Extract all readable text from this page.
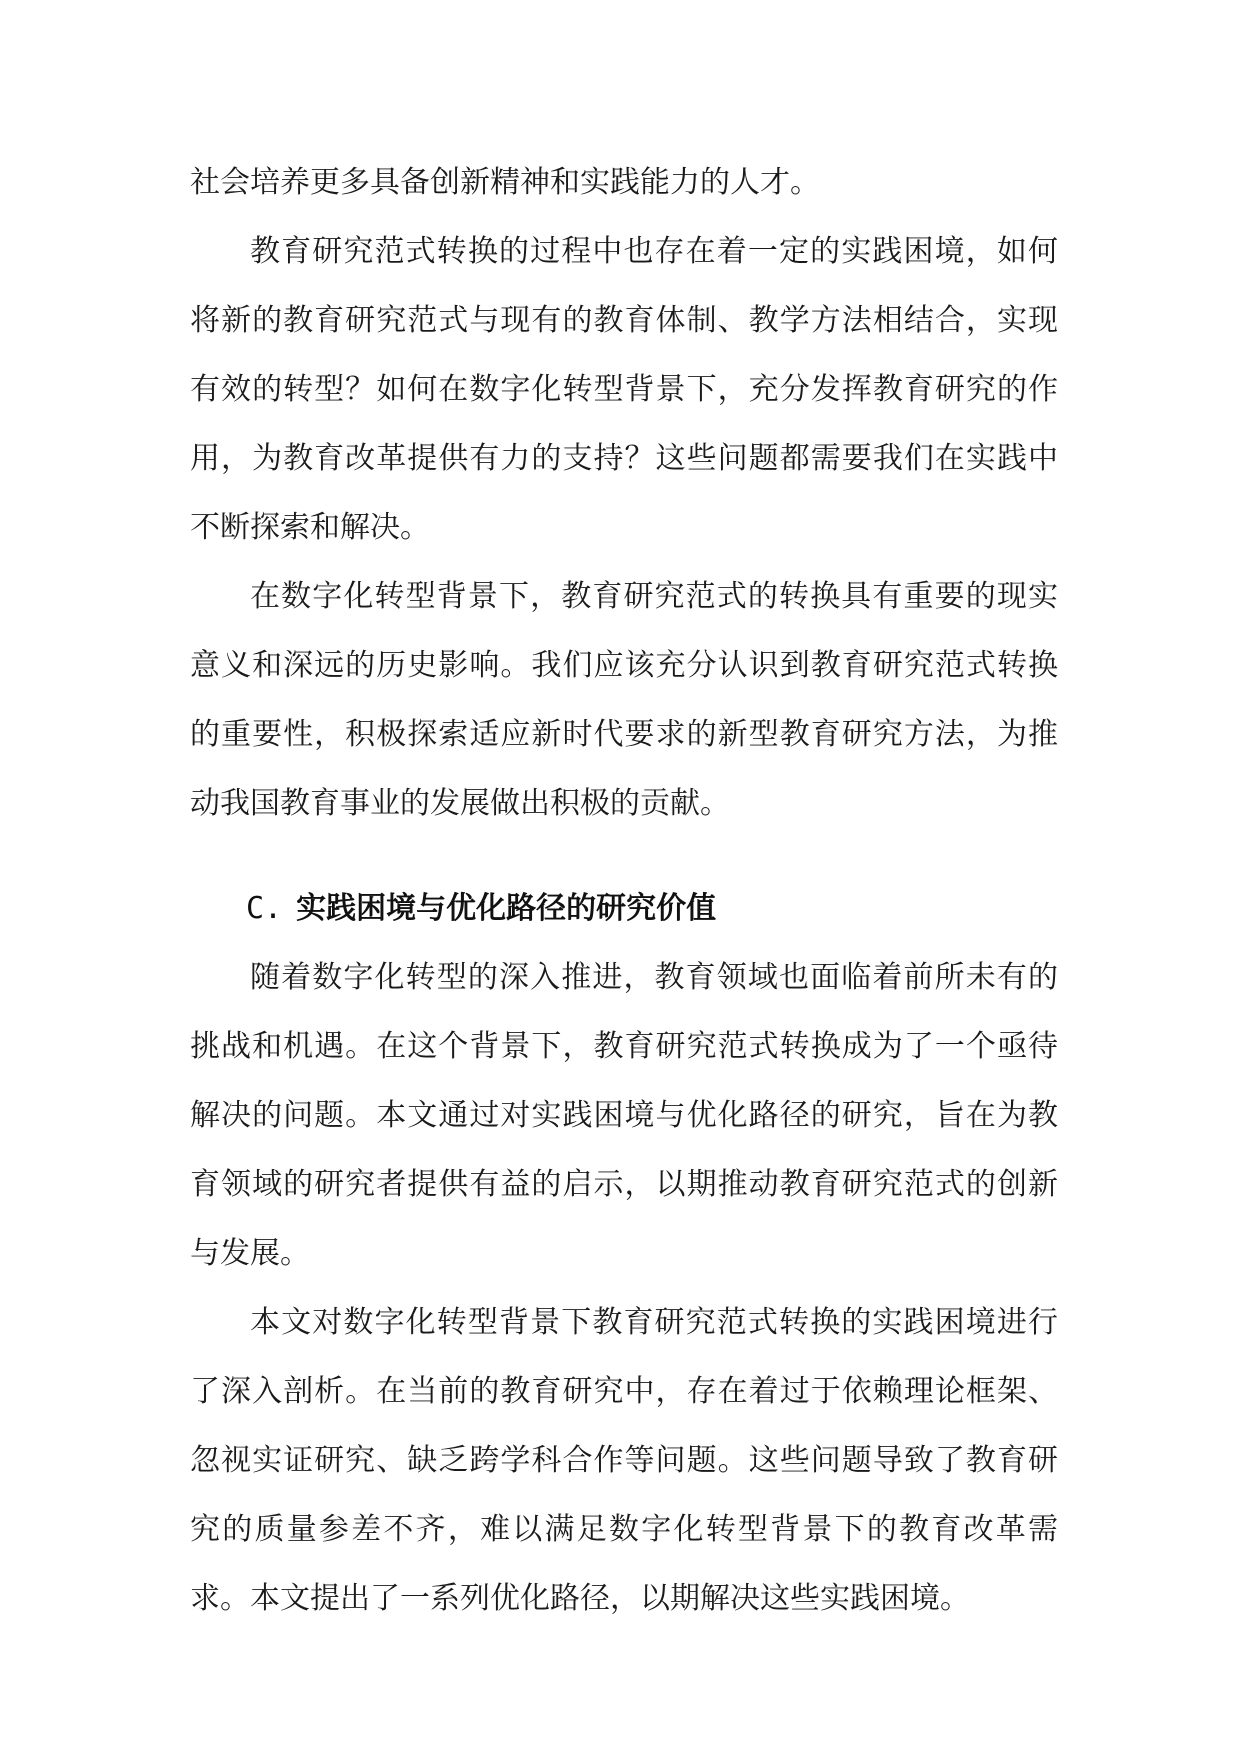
社会培养更多具备创新精神和实践能力的人才。

教育研究范式转换的过程中也存在着一定的实践困境，如何将新的教育研究范式与现有的教育体制、教学方法相结合，实现有效的转型？如何在数字化转型背景下，充分发挥教育研究的作用，为教育改革提供有力的支持？这些问题都需要我们在实践中不断探索和解决。

在数字化转型背景下，教育研究范式的转换具有重要的现实意义和深远的历史影响。我们应该充分认识到教育研究范式转换的重要性，积极探索适应新时代要求的新型教育研究方法，为推动我国教育事业的发展做出积极的贡献。

C. 实践困境与优化路径的研究价值

随着数字化转型的深入推进，教育领域也面临着前所未有的挑战和机遇。在这个背景下，教育研究范式转换成为了一个亟待解决的问题。本文通过对实践困境与优化路径的研究，旨在为教育领域的研究者提供有益的启示，以期推动教育研究范式的创新与发展。

本文对数字化转型背景下教育研究范式转换的实践困境进行了深入剖析。在当前的教育研究中，存在着过于依赖理论框架、忽视实证研究、缺乏跨学科合作等问题。这些问题导致了教育研究的质量参差不齐，难以满足数字化转型背景下的教育改革需求。本文提出了一系列优化路径，以期解决这些实践困境。
